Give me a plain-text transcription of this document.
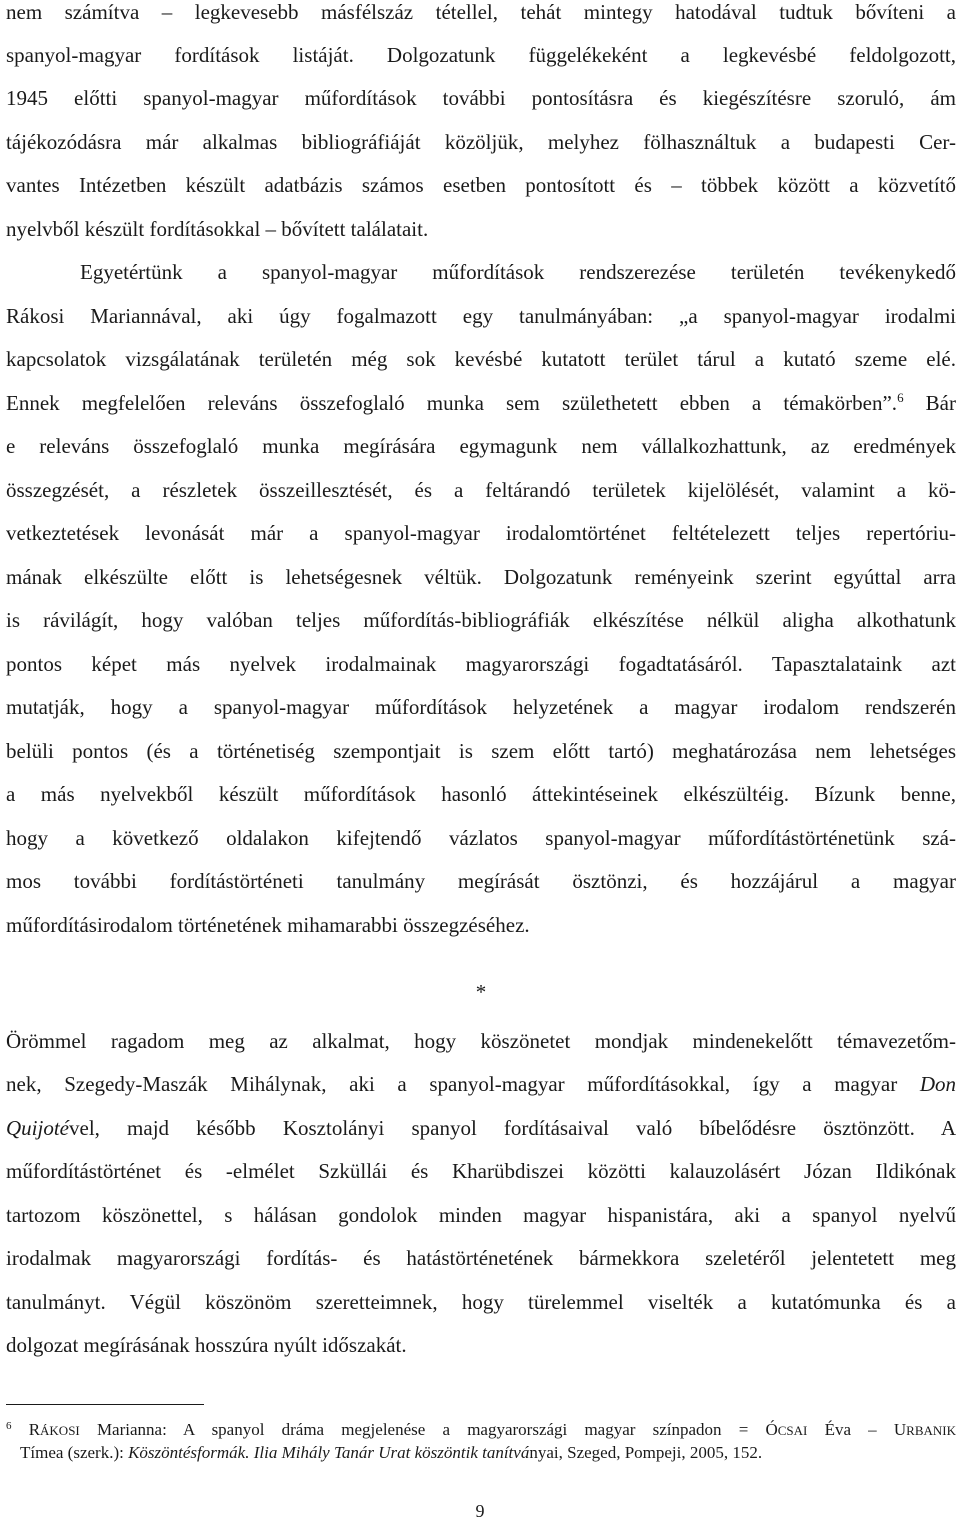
nem számítva – legkevesebb másfélszáz tétellel, tehát mintegy hatodával tudtuk bővíteni a
spanyol-magyar fordítások listáját. Dolgozatunk függelékeként a legkevésbé feldolgozott,
1945 előtti spanyol-magyar műfordítások további pontosításra és kiegészítésre szoruló, ám
tájékozódásra már alkalmas bibliográfiáját közöljük, melyhez fölhasználtuk a budapesti Cer-
vantes Intézetben készült adatbázis számos esetben pontosított és – többek között a közvetítő
nyelvből készült fordításokkal – bővített találatait.
Egyetértünk a spanyol-magyar műfordítások rendszerezése területén tevékenykedő
Rákosi Mariannával, aki úgy fogalmazott egy tanulmányában: „a spanyol-magyar irodalmi
kapcsolatok vizsgálatának területén még sok kevésbé kutatott terület tárul a kutató szeme elé.
Ennek megfelelően releváns összefoglaló munka sem születhetett ebben a témakörben”.$^6$ Bár
e releváns összefoglaló munka megírására egymagunk nem vállalkozhattunk, az eredmények
összegzését, a részletek összeillesztését, és a feltárandó területek kijelölését, valamint a kö-
vetkeztetések levonását már a spanyol-magyar irodalomtörténet feltételezett teljes repertóriu-
mának elkészülte előtt is lehetségesnek véltük. Dolgozatunk reményeink szerint egyúttal arra
is rávilágít, hogy valóban teljes műfordítás-bibliográfiák elkészítése nélkül aligha alkothatunk
pontos képet más nyelvek irodalmainak magyarországi fogadtatásáról. Tapasztalataink azt
mutatják, hogy a spanyol-magyar műfordítások helyzetének a magyar irodalom rendszerén
belüli pontos (és a történetiség szempontjait is szem előtt tartó) meghatározása nem lehetséges
a más nyelvekből készült műfordítások hasonló áttekintéseinek elkészültéig. Bízunk benne,
hogy a következő oldalakon kifejtendő vázlatos spanyol-magyar műfordítástörténetünk szá-
mos további fordítástörténeti tanulmány megírását ösztönzi, és hozzájárul a magyar
műfordításirodalom történetének mihamarabbi összegzéséhez.
*
Örömmel ragadom meg az alkalmat, hogy köszönetet mondjak mindenekelőtt témavezetőm-
nek, Szegedy-Maszák Mihálynak, aki a spanyol-magyar műfordításokkal, így a magyar Don
Quijotével, majd később Kosztolányi spanyol fordításaival való bíbelődésre ösztönzött. A
műfordítástörténet és -elmélet Szküllái és Kharübdiszei közötti kalauzolásért Józan Ildikónak
tartozom köszönettel, s hálásan gondolok minden magyar hispanistára, aki a spanyol nyelvű
irodalmak magyarországi fordítás- és hatástörténetének bármekkora szeletéről jelentetett meg
tanulmányt. Végül köszönöm szeretteimnek, hogy türelemmel viselték a kutatómunka és a
dolgozat megírásának hosszúra nyúlt időszakát.
$^6$ RÁKOSI Marianna: A spanyol dráma megjelenése a magyarországi magyar színpadon = ÓCSAI Éva – URBANIK
Tímea (szerk.): Köszöntésformák. Ilia Mihály Tanár Urat köszöntik tanítványai, Szeged, Pompeji, 2005, 152.
9
